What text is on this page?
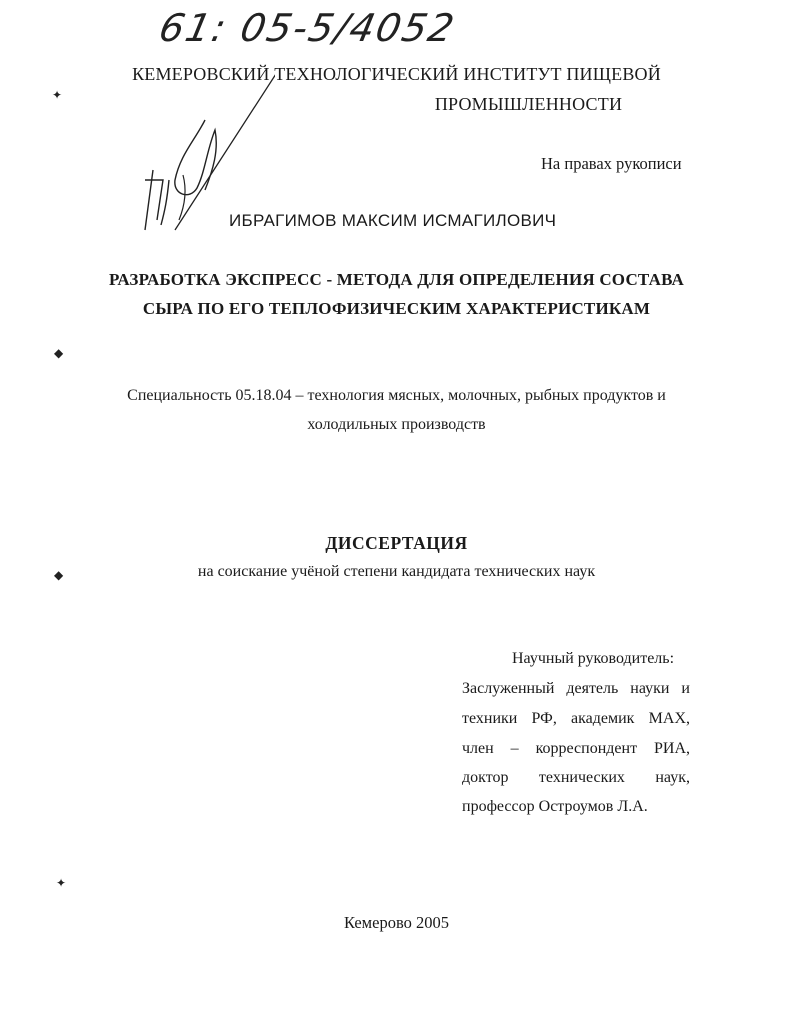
61: 05-5/4052
КЕМЕРОВСКИЙ ТЕХНОЛОГИЧЕСКИЙ ИНСТИТУТ ПИЩЕВОЙ
ПРОМЫШЛЕННОСТИ
На правах рукописи
ИБРАГИМОВ МАКСИМ ИСМАГИЛОВИЧ
РАЗРАБОТКА ЭКСПРЕСС - МЕТОДА ДЛЯ ОПРЕДЕЛЕНИЯ СОСТАВА
СЫРА ПО ЕГО ТЕПЛОФИЗИЧЕСКИМ ХАРАКТЕРИСТИКАМ
Специальность 05.18.04 – технология мясных, молочных, рыбных продуктов и
холодильных производств
ДИССЕРТАЦИЯ
на соискание учёной степени кандидата технических наук
Научный руководитель:
Заслуженный деятель науки и
техники РФ, академик МАХ,
член – корреспондент РИА,
доктор технических наук,
профессор Остроумов Л.А.
Кемерово 2005
✦
◆
◆
✦
